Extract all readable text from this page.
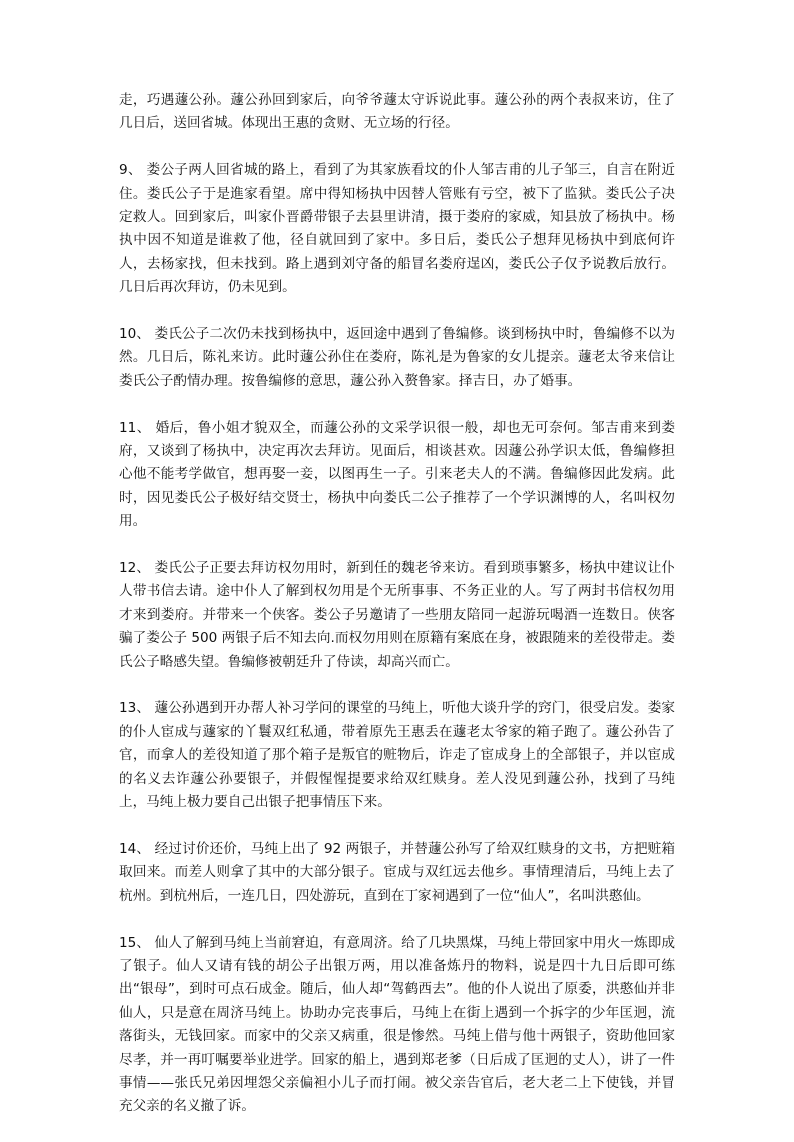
走，巧遇蘧公孙。蘧公孙回到家后，向爷爷蘧太守诉说此事。蘧公孙的两个表叔来访，住了几日后，送回省城。体现出王惠的贪财、无立场的行径。

9、 娄公子两人回省城的路上，看到了为其家族看坟的仆人邹吉甫的儿子邹三，自言在附近住。娄氏公子于是進家看望。席中得知杨执中因替人管账有亏空，被下了监狱。娄氏公子决定救人。回到家后，叫家仆晋爵带银子去县里讲清，摄于娄府的家威，知县放了杨执中。杨执中因不知道是谁救了他，径自就回到了家中。多日后，娄氏公子想拜见杨执中到底何许人，去杨家找，但未找到。路上遇到刘守备的船冒名娄府逞凶，娄氏公子仅予说教后放行。几日后再次拜访，仍未见到。

10、 娄氏公子二次仍未找到杨执中，返回途中遇到了鲁编修。谈到杨执中时，鲁编修不以为然。几日后，陈礼来访。此时蘧公孙住在娄府，陈礼是为鲁家的女儿提亲。蘧老太爷来信让娄氏公子酌情办理。按鲁编修的意思，蘧公孙入赘鲁家。择吉日，办了婚事。

11、 婚后，鲁小姐才貌双全，而蘧公孙的文采学识很一般，却也无可奈何。邹吉甫来到娄府，又谈到了杨执中，决定再次去拜访。见面后，相谈甚欢。因蘧公孙学识太低，鲁编修担心他不能考学做官，想再娶一妾，以图再生一子。引来老夫人的不满。鲁编修因此发病。此时，因见娄氏公子极好结交贤士，杨执中向娄氏二公子推荐了一个学识渊博的人，名叫权勿用。

12、 娄氏公子正要去拜访权勿用时，新到任的魏老爷来访。看到琐事繁多，杨执中建议让仆人带书信去请。途中仆人了解到权勿用是个无所事事、不务正业的人。写了两封书信权勿用才来到娄府。并带来一个侠客。娄公子另邀请了一些朋友陪同一起游玩喝酒一连数日。侠客骗了娄公子 500 两银子后不知去向.而权勿用则在原籍有案底在身，被跟随来的差役带走。娄氏公子略感失望。鲁编修被朝廷升了侍读，却高兴而亡。

13、 蘧公孙遇到开办帮人补习学问的课堂的马纯上，听他大谈升学的窍门，很受启发。娄家的仆人宦成与蘧家的丫鬟双红私通，带着原先王惠丢在蘧老太爷家的箱子跑了。蘧公孙告了官，而拿人的差役知道了那个箱子是叛官的赃物后，诈走了宦成身上的全部银子，并以宦成的名义去诈蘧公孙要银子，并假惺惺提要求给双红赎身。差人没见到蘧公孙，找到了马纯上，马纯上极力要自己出银子把事情压下来。

14、 经过讨价还价，马纯上出了 92 两银子，并替蘧公孙写了给双红赎身的文书，方把赃箱取回来。而差人则拿了其中的大部分银子。宦成与双红远去他乡。事情理清后，马纯上去了杭州。到杭州后，一连几日，四处游玩，直到在丁家祠遇到了一位“仙人”，名叫洪憨仙。

15、 仙人了解到马纯上当前窘迫，有意周济。给了几块黑煤，马纯上带回家中用火一炼即成了银子。仙人又请有钱的胡公子出银万两，用以准备炼丹的物料，说是四十九日后即可练出“银母”，到时可点石成金。随后，仙人却“驾鹤西去”。他的仆人说出了原委，洪憨仙并非仙人，只是意在周济马纯上。协助办完丧事后，马纯上在街上遇到一个拆字的少年匡迥，流落街头，无钱回家。而家中的父亲又病重，很是惨然。马纯上借与他十两银子，资助他回家尽孝，并一再叮嘱要举业进学。回家的船上，遇到郑老爹（日后成了匡迥的丈人），讲了一件事情——张氏兄弟因埋怨父亲偏袒小儿子而打闹。被父亲告官后，老大老二上下使钱，并冒充父亲的名义撤了诉。
